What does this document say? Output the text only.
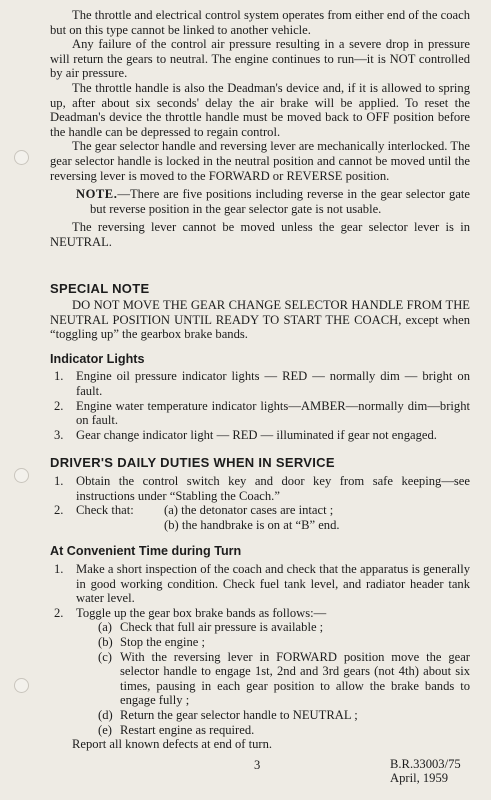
The throttle and electrical control system operates from either end of the coach but on this type cannot be linked to another vehicle.

Any failure of the control air pressure resulting in a severe drop in pressure will return the gears to neutral. The engine continues to run—it is NOT controlled by air pressure.

The throttle handle is also the Deadman's device and, if it is allowed to spring up, after about six seconds' delay the air brake will be applied. To reset the Deadman's device the throttle handle must be moved back to OFF position before the handle can be depressed to regain control.

The gear selector handle and reversing lever are mechanically interlocked. The gear selector handle is locked in the neutral position and cannot be moved until the reversing lever is moved to the FORWARD or REVERSE position.

NOTE.—There are five positions including reverse in the gear selector gate but reverse position in the gear selector gate is not usable.

The reversing lever cannot be moved unless the gear selector lever is in NEUTRAL.

SPECIAL NOTE

DO NOT MOVE THE GEAR CHANGE SELECTOR HANDLE FROM THE NEUTRAL POSITION UNTIL READY TO START THE COACH, except when “toggling up” the gearbox brake bands.

Indicator Lights
1. Engine oil pressure indicator lights — RED — normally dim — bright on fault.
2. Engine water temperature indicator lights—AMBER—normally dim—bright on fault.
3. Gear change indicator light — RED — illuminated if gear not engaged.
DRIVER'S DAILY DUTIES WHEN IN SERVICE
1. Obtain the control switch key and door key from safe keeping—see instructions under “Stabling the Coach.”
2. Check that:	(a) the detonator cases are intact ;
(b) the handbrake is on at “B” end.
At Convenient Time during Turn
1. Make a short inspection of the coach and check that the apparatus is generally in good working condition. Check fuel tank level, and radiator header tank water level.
2. Toggle up the gear box brake bands as follows:—
(a) Check that full air pressure is available ;
(b) Stop the engine ;
(c) With the reversing lever in FORWARD position move the gear selector handle to engage 1st, 2nd and 3rd gears (not 4th) about six times, pausing in each gear position to allow the brake bands to engage fully ;
(d) Return the gear selector handle to NEUTRAL ;
(e) Restart engine as required.

Report all known defects at end of turn.

3	B.R.33003/75
April, 1959
